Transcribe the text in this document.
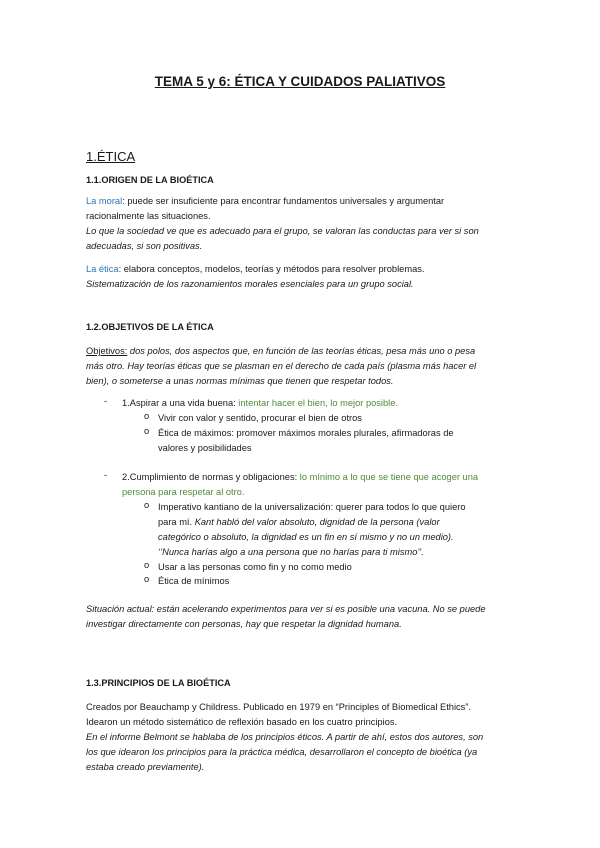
TEMA 5 y 6: ÉTICA Y CUIDADOS PALIATIVOS
1.ÉTICA
1.1.ORIGEN DE LA BIOÉTICA
La moral: puede ser insuficiente para encontrar fundamentos universales y argumentar
racionalmente las situaciones.
Lo que la sociedad ve que es adecuado para el grupo, se valoran las conductas para ver si son
adecuadas, si son positivas.
La ética: elabora conceptos, modelos, teorías y métodos para resolver problemas.
Sistematización de los razonamientos morales esenciales para un grupo social.
1.2.OBJETIVOS DE LA ÉTICA
Objetivos: dos polos, dos aspectos que, en función de las teorías éticas, pesa más uno o pesa
más otro. Hay teorías éticas que se plasman en el derecho de cada país (plasma más hacer el
bien), o someterse a unas normas mínimas que tienen que respetar todos.
- 1.Aspirar a una vida buena: intentar hacer el bien, lo mejor posible.
o Vivir con valor y sentido, procurar el bien de otros
o Ética de máximos: promover máximos morales plurales, afirmadoras de
valores y posibilidades
- 2.Cumplimiento de normas y obligaciones: lo mínimo a lo que se tiene que acoger una
persona para respetar al otro.
o Imperativo kantiano de la universalización: querer para todos lo que quiero
para mí. Kant habló del valor absoluto, dignidad de la persona (valor
categórico o absoluto, la dignidad es un fin en sí mismo y no un medio).
‘’Nunca harías algo a una persona que no harías para ti mismo’’.
o Usar a las personas como fin y no como medio
o Ética de mínimos
Situación actual: están acelerando experimentos para ver si es posible una vacuna. No se puede
investigar directamente con personas, hay que respetar la dignidad humana.
1.3.PRINCIPIOS DE LA BIOÉTICA
Creados por Beauchamp y Childress. Publicado en 1979 en “Principles of Biomedical Ethics”.
Idearon un método sistemático de reflexión basado en los cuatro principios.
En el informe Belmont se hablaba de los principios éticos. A partir de ahí, estos dos autores, son
los que idearon los principios para la práctica médica, desarrollaron el concepto de bioética (ya
estaba creado previamente).
